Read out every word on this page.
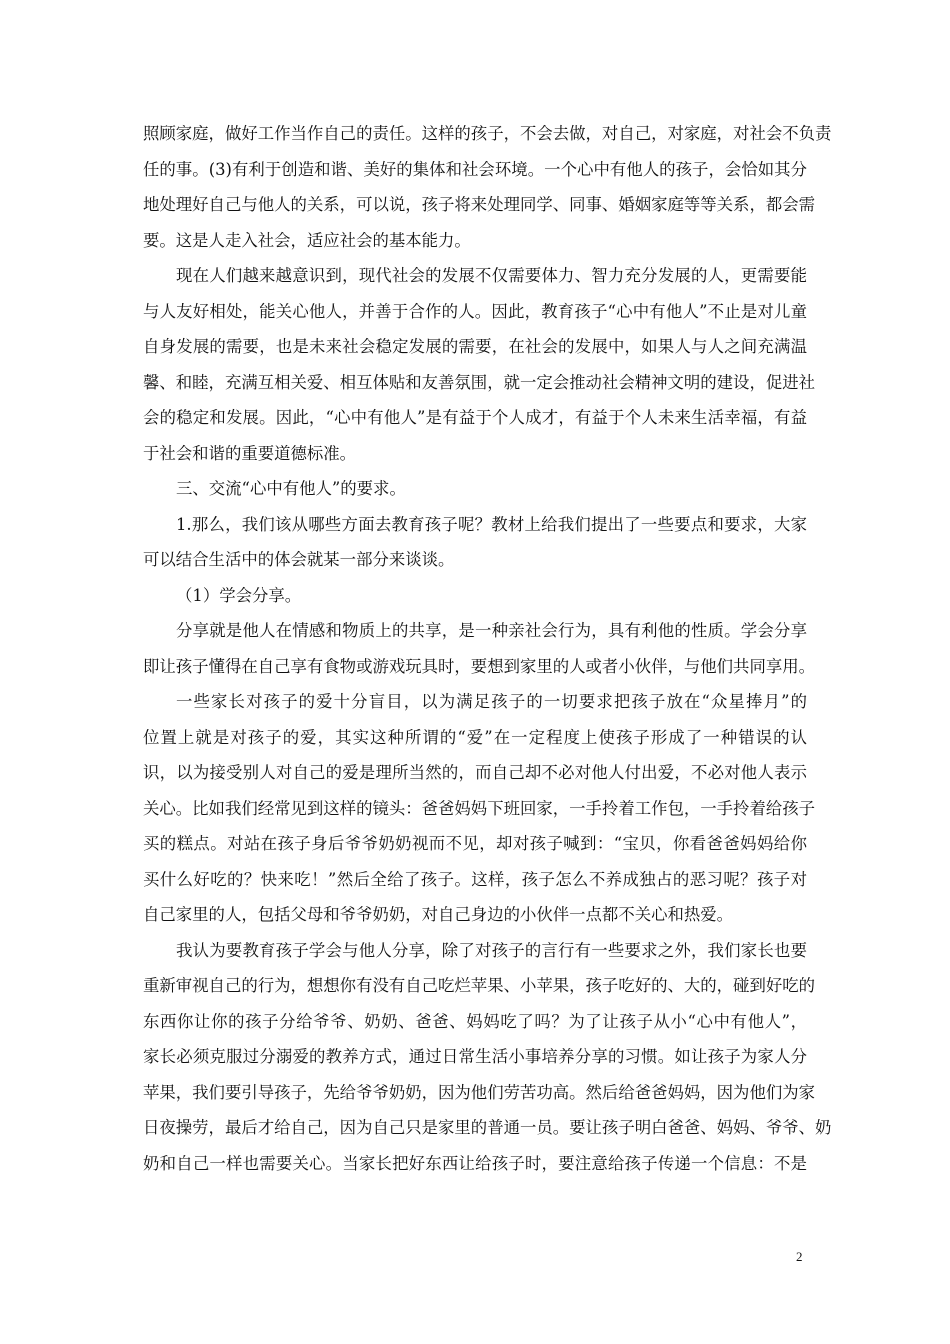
照顾家庭，做好工作当作自己的责任。这样的孩子，不会去做，对自己，对家庭，对社会不负责
任的事。(3)有利于创造和谐、美好的集体和社会环境。一个心中有他人的孩子，会恰如其分
地处理好自己与他人的关系，可以说，孩子将来处理同学、同事、婚姻家庭等等关系，都会需
要。这是人走入社会，适应社会的基本能力。
现在人们越来越意识到，现代社会的发展不仅需要体力、智力充分发展的人，更需要能
与人友好相处，能关心他人，并善于合作的人。因此，教育孩子“心中有他人”不止是对儿童
自身发展的需要，也是未来社会稳定发展的需要，在社会的发展中，如果人与人之间充满温
馨、和睦，充满互相关爱、相互体贴和友善氛围，就一定会推动社会精神文明的建设，促进社
会的稳定和发展。因此，“心中有他人”是有益于个人成才，有益于个人未来生活幸福，有益
于社会和谐的重要道德标准。
三、交流“心中有他人”的要求。
1.那么，我们该从哪些方面去教育孩子呢？教材上给我们提出了一些要点和要求，大家
可以结合生活中的体会就某一部分来谈谈。
（1）学会分享。
分享就是他人在情感和物质上的共享，是一种亲社会行为，具有利他的性质。学会分享
即让孩子懂得在自己享有食物或游戏玩具时，要想到家里的人或者小伙伴，与他们共同享用。
一些家长对孩子的爱十分盲目，以为满足孩子的一切要求把孩子放在“众星捧月”的
位置上就是对孩子的爱，其实这种所谓的“爱”在一定程度上使孩子形成了一种错误的认
识，以为接受别人对自己的爱是理所当然的，而自己却不必对他人付出爱，不必对他人表示
关心。比如我们经常见到这样的镜头：爸爸妈妈下班回家，一手拎着工作包，一手拎着给孩子
买的糕点。对站在孩子身后爷爷奶奶视而不见，却对孩子喊到：“宝贝，你看爸爸妈妈给你
买什么好吃的？快来吃！”然后全给了孩子。这样，孩子怎么不养成独占的恶习呢？孩子对
自己家里的人，包括父母和爷爷奶奶，对自己身边的小伙伴一点都不关心和热爱。
我认为要教育孩子学会与他人分享，除了对孩子的言行有一些要求之外，我们家长也要
重新审视自己的行为，想想你有没有自己吃烂苹果、小苹果，孩子吃好的、大的，碰到好吃的
东西你让你的孩子分给爷爷、奶奶、爸爸、妈妈吃了吗？为了让孩子从小“心中有他人”，
家长必须克服过分溺爱的教养方式，通过日常生活小事培养分享的习惯。如让孩子为家人分
苹果，我们要引导孩子，先给爷爷奶奶，因为他们劳苦功高。然后给爸爸妈妈，因为他们为家
日夜操劳，最后才给自己，因为自己只是家里的普通一员。要让孩子明白爸爸、妈妈、爷爷、奶
奶和自己一样也需要关心。当家长把好东西让给孩子时，要注意给孩子传递一个信息：不是
2
